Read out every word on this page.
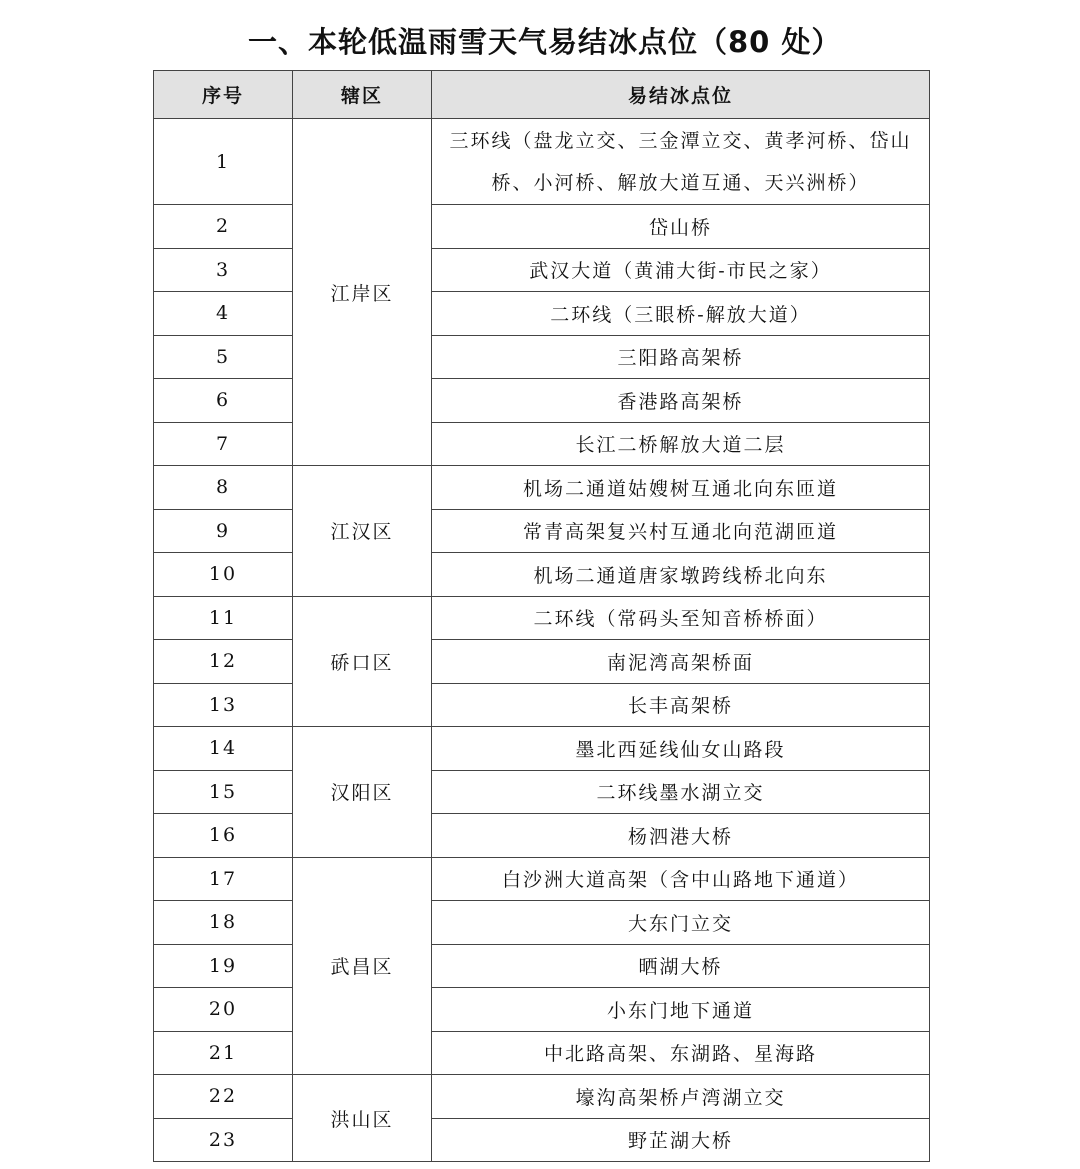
一、本轮低温雨雪天气易结冰点位（80 处）
序号	辖区	易结冰点位
1	江岸区	三环线（盘龙立交、三金潭立交、黄孝河桥、岱山桥、小河桥、解放大道互通、天兴洲桥）
2		岱山桥
3		武汉大道（黄浦大街-市民之家）
4		二环线（三眼桥-解放大道）
5		三阳路高架桥
6		香港路高架桥
7		长江二桥解放大道二层
8	江汉区	机场二通道姑嫂树互通北向东匝道
9		常青高架复兴村互通北向范湖匝道
10		机场二通道唐家墩跨线桥北向东
11	硚口区	二环线（常码头至知音桥桥面）
12		南泥湾高架桥面
13		长丰高架桥
14	汉阳区	墨北西延线仙女山路段
15		二环线墨水湖立交
16		杨泗港大桥
17	武昌区	白沙洲大道高架（含中山路地下通道）
18		大东门立交
19		晒湖大桥
20		小东门地下通道
21		中北路高架、东湖路、星海路
22	洪山区	壕沟高架桥卢湾湖立交
23		野芷湖大桥
